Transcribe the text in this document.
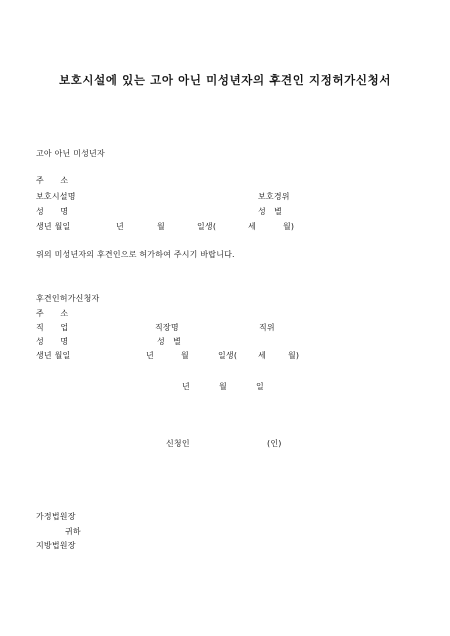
보호시설에 있는 고아 아닌 미성년자의 후견인 지정허가신청서
고아 아닌 미성년자
주　　소
보호시설명	보호경위
성　　명	성　별
생년 월일	년	월	일생(	세	월)
위의 미성년자의 후견인으로 허가하여 주시기 바랍니다.
후견인허가신청자
주　　소
직　　업	직장명	직위
성　　명	성　별
생년 월일	년	월	일생(	세	월)
년	월	일
신청인	(인)
가정법원장
귀하
지방법원장
